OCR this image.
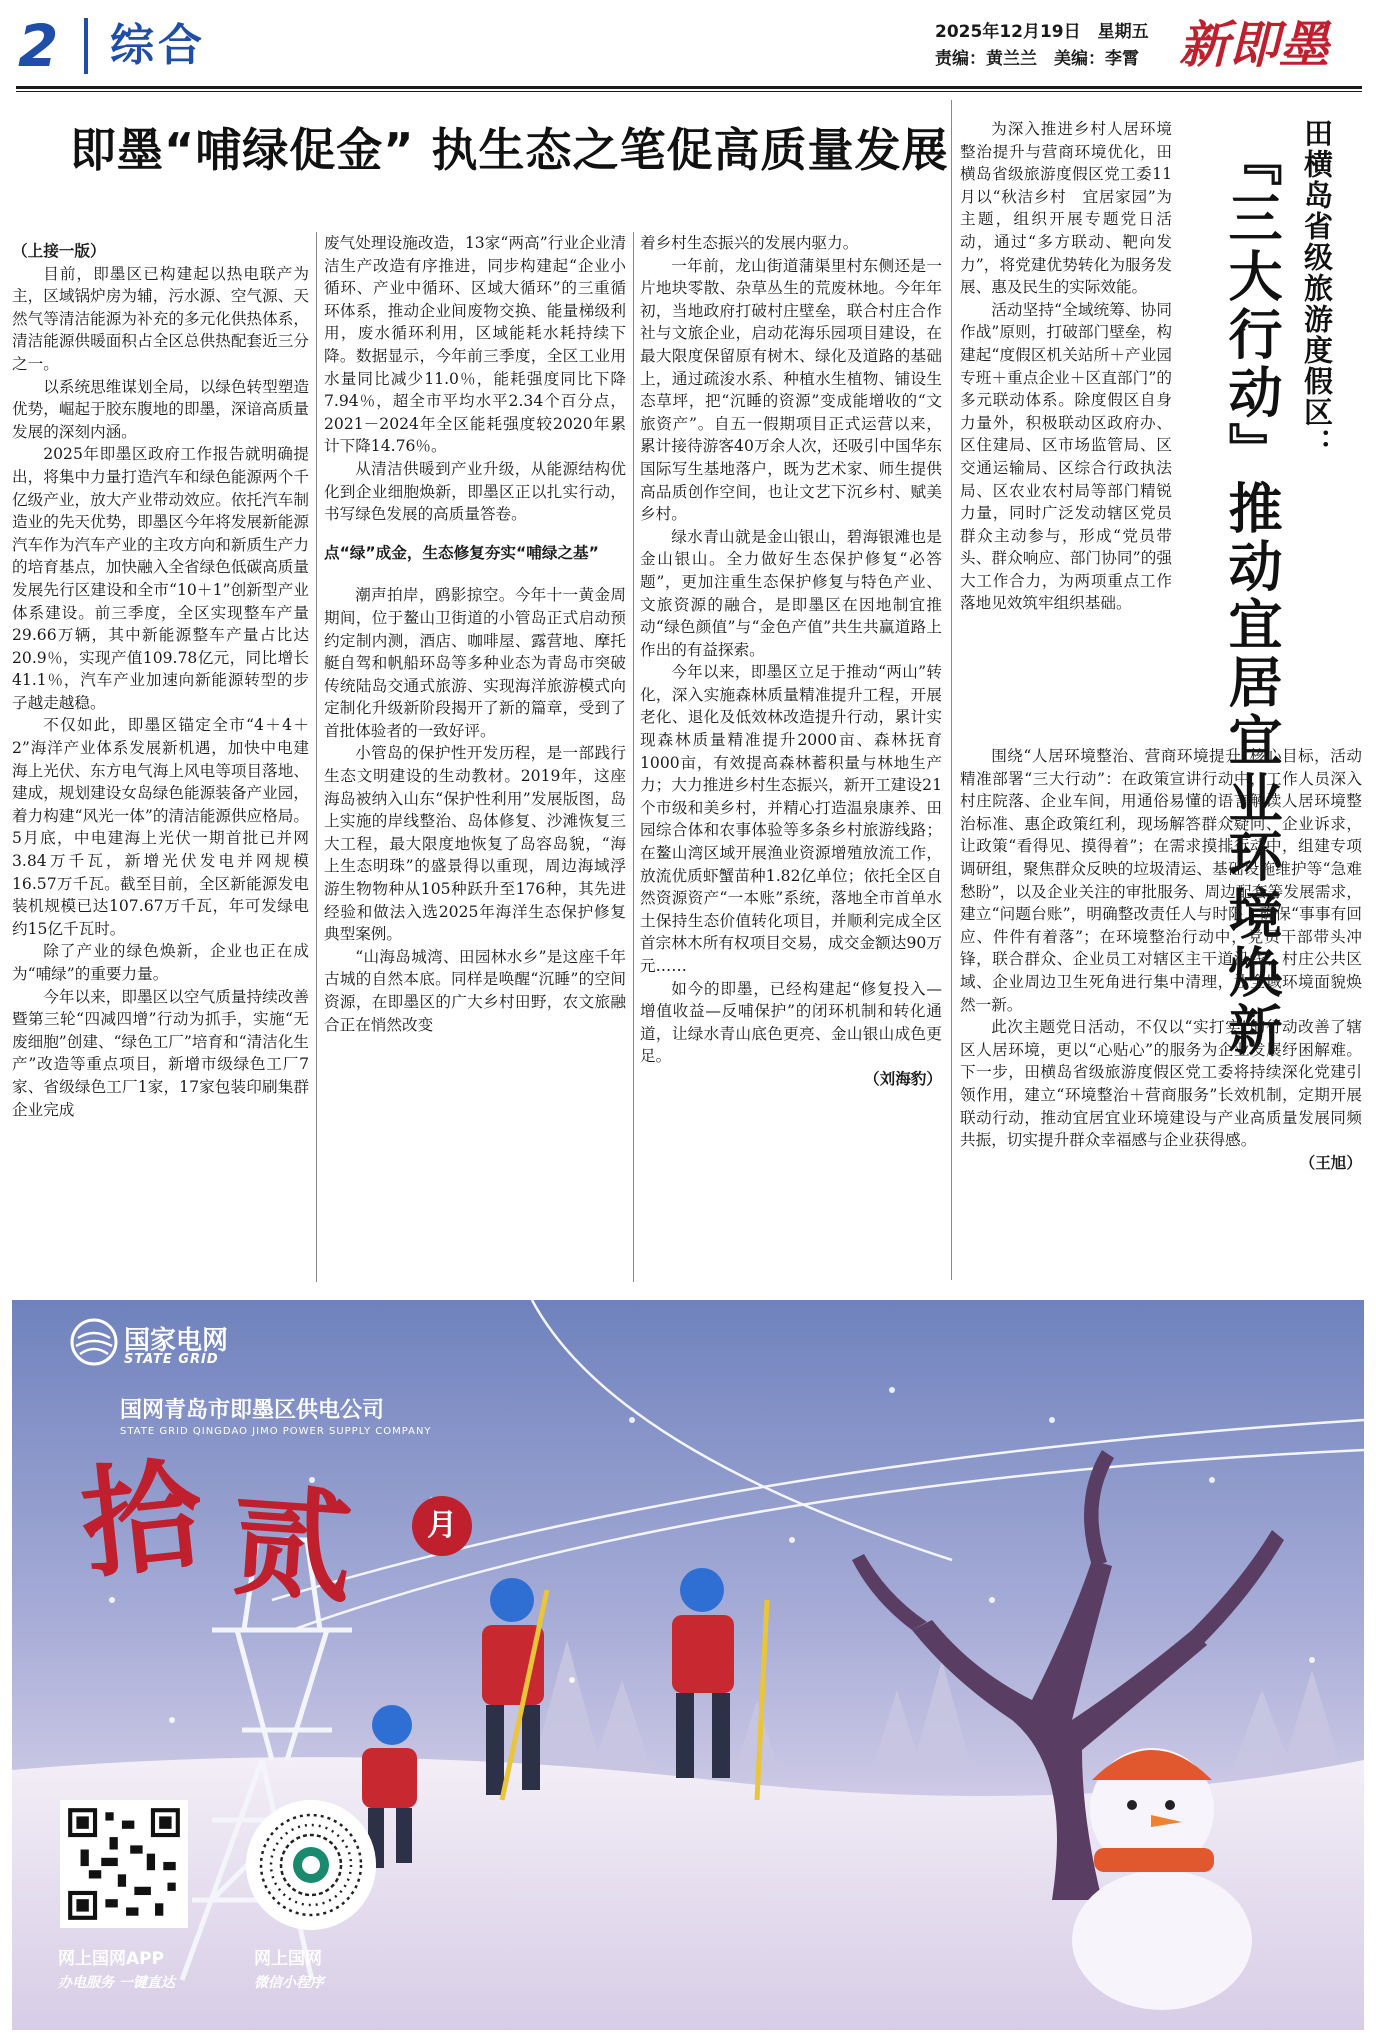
2	综合	2025年12月19日　星期五
责编：黄兰兰　美编：李霄 新即墨
即墨“哺绿促金” 执生态之笔促高质量发展

（上接一版）

目前，即墨区已构建起以热电联产为主，区域锅炉房为辅，污水源、空气源、天然气等清洁能源为补充的多元化供热体系，清洁能源供暖面积占全区总供热配套近三分之一。

以系统思维谋划全局，以绿色转型塑造优势，崛起于胶东腹地的即墨，深谙高质量发展的深刻内涵。

2025年即墨区政府工作报告就明确提出，将集中力量打造汽车和绿色能源两个千亿级产业，放大产业带动效应。依托汽车制造业的先天优势，即墨区今年将发展新能源汽车作为汽车产业的主攻方向和新质生产力的培育基点，加快融入全省绿色低碳高质量发展先行区建设和全市“10＋1”创新型产业体系建设。前三季度，全区实现整车产量29.66万辆，其中新能源整车产量占比达20.9％，实现产值109.78亿元，同比增长41.1％，汽车产业加速向新能源转型的步子越走越稳。

不仅如此，即墨区锚定全市“4＋4＋2”海洋产业体系发展新机遇，加快中电建海上光伏、东方电气海上风电等项目落地、建成，规划建设女岛绿色能源装备产业园，着力构建“风光一体”的清洁能源供应格局。5月底，中电建海上光伏一期首批已并网3.84万千瓦，新增光伏发电并网规模16.57万千瓦。截至目前，全区新能源发电装机规模已达107.67万千瓦，年可发绿电约15亿千瓦时。

除了产业的绿色焕新，企业也正在成为“哺绿”的重要力量。

今年以来，即墨区以空气质量持续改善暨第三轮“四减四增”行动为抓手，实施“无废细胞”创建、“绿色工厂”培育和“清洁化生产”改造等重点项目，新增市级绿色工厂7家、省级绿色工厂1家，17家包装印刷集群企业完成

废气处理设施改造，13家“两高”行业企业清洁生产改造有序推进，同步构建起“企业小循环、产业中循环、区域大循环”的三重循环体系，推动企业间废物交换、能量梯级利用，废水循环利用，区域能耗水耗持续下降。数据显示，今年前三季度，全区工业用水量同比减少11.0％，能耗强度同比下降7.94％，超全市平均水平2.34个百分点，2021－2024年全区能耗强度较2020年累计下降14.76％。

从清洁供暖到产业升级，从能源结构优化到企业细胞焕新，即墨区正以扎实行动，书写绿色发展的高质量答卷。

点“绿”成金，生态修复夯实“哺绿之基”

潮声拍岸，鸥影掠空。今年十一黄金周期间，位于鳌山卫街道的小管岛正式启动预约定制内测，酒店、咖啡屋、露营地、摩托艇自驾和帆船环岛等多种业态为青岛市突破传统陆岛交通式旅游、实现海洋旅游模式向定制化升级新阶段揭开了新的篇章，受到了首批体验者的一致好评。

小管岛的保护性开发历程，是一部践行生态文明建设的生动教材。2019年，这座海岛被纳入山东“保护性利用”发展版图，岛上实施的岸线整治、岛体修复、沙滩恢复三大工程，最大限度地恢复了岛容岛貌，“海上生态明珠”的盛景得以重现，周边海域浮游生物物种从105种跃升至176种，其先进经验和做法入选2025年海洋生态保护修复典型案例。

“山海岛城湾、田园林水乡”是这座千年古城的自然本底。同样是唤醒“沉睡”的空间资源，在即墨区的广大乡村田野，农文旅融合正在悄然改变

着乡村生态振兴的发展内驱力。

一年前，龙山街道蒲渠里村东侧还是一片地块零散、杂草丛生的荒废林地。今年年初，当地政府打破村庄壁垒，联合村庄合作社与文旅企业，启动花海乐园项目建设，在最大限度保留原有树木、绿化及道路的基础上，通过疏浚水系、种植水生植物、铺设生态草坪，把“沉睡的资源”变成能增收的“文旅资产”。自五一假期项目正式运营以来，累计接待游客40万余人次，还吸引中国华东国际写生基地落户，既为艺术家、师生提供高品质创作空间，也让文艺下沉乡村、赋美乡村。

绿水青山就是金山银山，碧海银滩也是金山银山。全力做好生态保护修复“必答题”，更加注重生态保护修复与特色产业、文旅资源的融合，是即墨区在因地制宜推动“绿色颜值”与“金色产值”共生共赢道路上作出的有益探索。

今年以来，即墨区立足于推动“两山”转化，深入实施森林质量精准提升工程，开展老化、退化及低效林改造提升行动，累计实现森林质量精准提升2000亩、森林抚育1000亩，有效提高森林蓄积量与林地生产力；大力推进乡村生态振兴，新开工建设21个市级和美乡村，并精心打造温泉康养、田园综合体和农事体验等多条乡村旅游线路；在鳌山湾区域开展渔业资源增殖放流工作，放流优质虾蟹苗种1.82亿单位；依托全区自然资源资产“一本账”系统，落地全市首单水土保持生态价值转化项目，并顺利完成全区首宗林木所有权项目交易，成交金额达90万元……

如今的即墨，已经构建起“修复投入—增值收益—反哺保护”的闭环机制和转化通道，让绿水青山底色更亮、金山银山成色更足。

（刘海豹）

田横岛省级旅游度假区：
『三大行动』推动宜居宜业环境焕新

为深入推进乡村人居环境整治提升与营商环境优化，田横岛省级旅游度假区党工委11月以“秋洁乡村　宜居家园”为主题，组织开展专题党日活动，通过“多方联动、靶向发力”，将党建优势转化为服务发展、惠及民生的实际效能。

活动坚持“全域统筹、协同作战”原则，打破部门壁垒，构建起“度假区机关站所＋产业园专班＋重点企业＋区直部门”的多元联动体系。除度假区自身力量外，积极联动区政府办、区住建局、区市场监管局、区交通运输局、区综合行政执法局、区农业农村局等部门精锐力量，同时广泛发动辖区党员群众主动参与，形成“党员带头、群众响应、部门协同”的强大工作合力，为两项重点工作落地见效筑牢组织基础。

围绕“人居环境整治、营商环境提升”核心目标，活动精准部署“三大行动”：在政策宣讲行动中，工作人员深入村庄院落、企业车间，用通俗易懂的语言解读人居环境整治标准、惠企政策红利，现场解答群众疑问、企业诉求，让政策“看得见、摸得着”；在需求摸排行动中，组建专项调研组，聚焦群众反映的垃圾清运、基础设施维护等“急难愁盼”，以及企业关注的审批服务、周边配套等发展需求，建立“问题台账”，明确整改责任人与时限，确保“事事有回应、件件有着落”；在环境整治行动中，党员干部带头冲锋，联合群众、企业员工对辖区主干道沿线、村庄公共区域、企业周边卫生死角进行集中清理，让全域环境面貌焕然一新。

此次主题党日活动，不仅以“实打实”的行动改善了辖区人居环境，更以“心贴心”的服务为企业发展纾困解难。下一步，田横岛省级旅游度假区党工委将持续深化党建引领作用，建立“环境整治＋营商服务”长效机制，定期开展联动行动，推动宜居宜业环境建设与产业高质量发展同频共振，切实提升群众幸福感与企业获得感。

（王旭）

国家电网
STATE GRID
国网青岛市即墨区供电公司
STATE GRID QINGDAO JIMO POWER SUPPLY COMPANY
拾 贰	月
网上国网APP
办电服务 一键直达
网上国网
微信小程序
